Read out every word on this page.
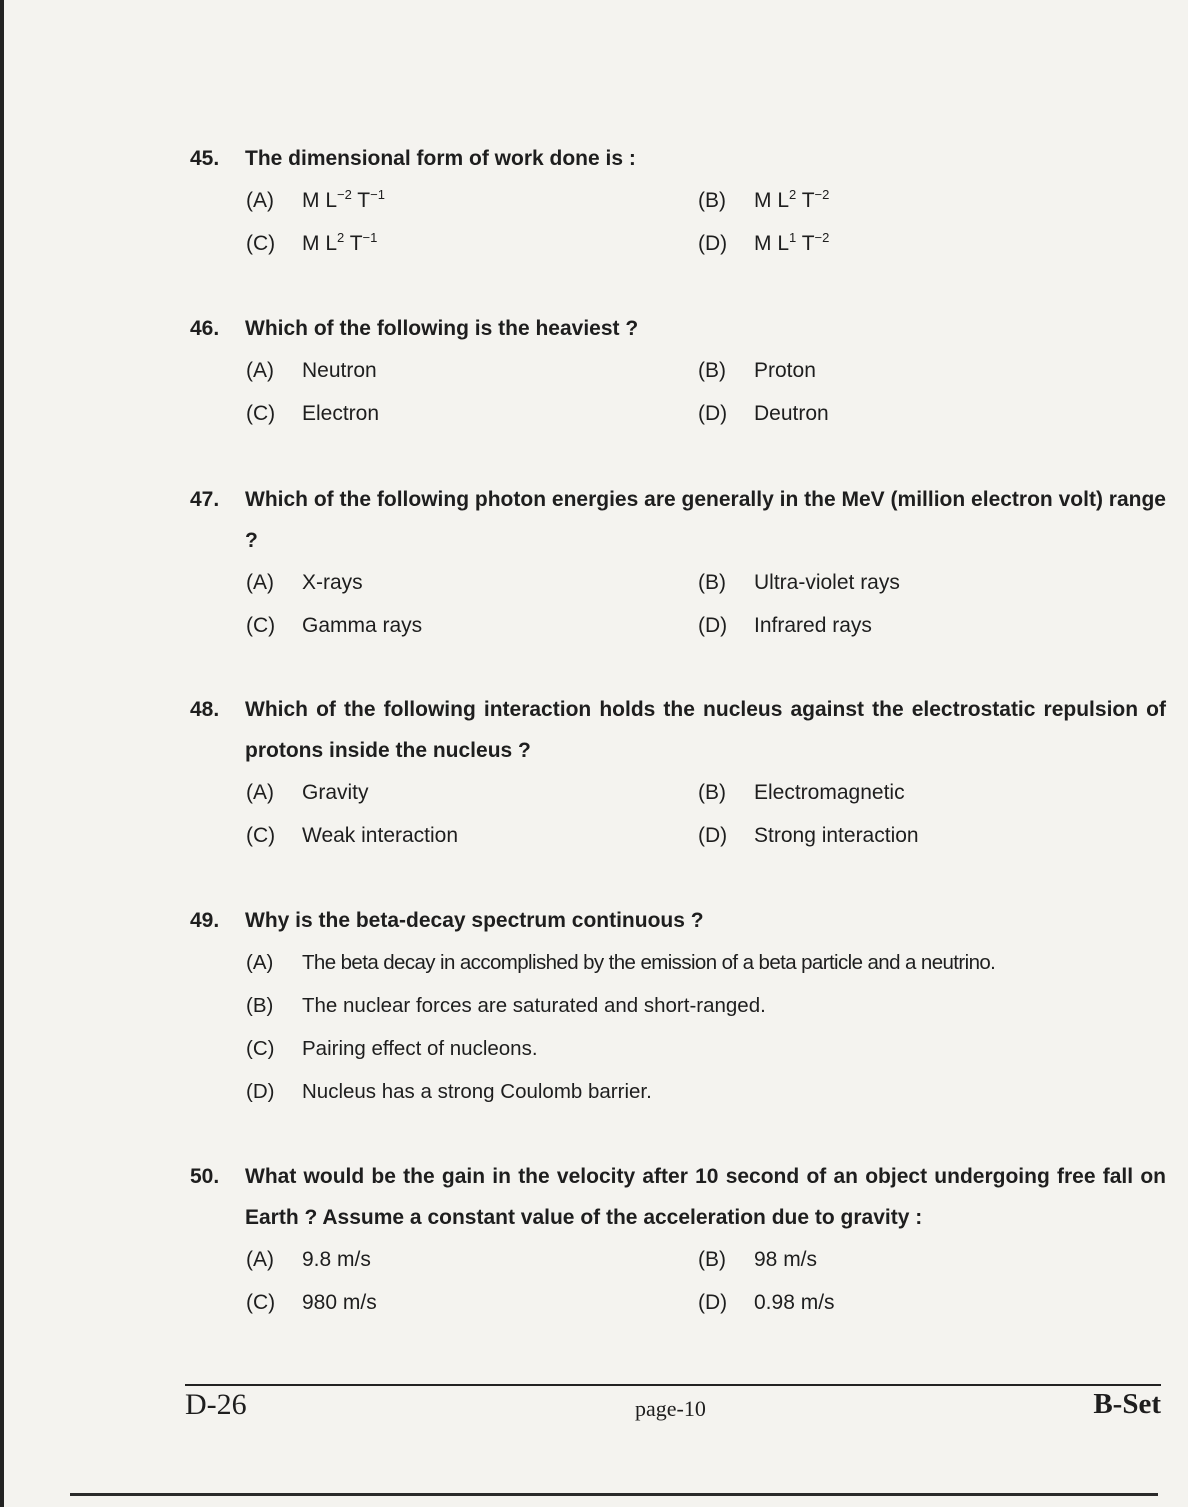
45.	The dimensional form of work done is :
(A)	M $L^{-2}$ $T^{-1}$	(B)	M $L^2$ $T^{-2}$
(C)	M $L^2$ $T^{-1}$	(D)	M $L^1$ $T^{-2}$
46.	Which of the following is the heaviest ?
(A)	Neutron	(B)	Proton
(C)	Electron	(D)	Deutron
47.	Which of the following photon energies are generally in the MeV (million electron volt) range ?
(A)	X-rays	(B)	Ultra-violet rays
(C)	Gamma rays	(D)	Infrared rays
48.	Which of the following interaction holds the nucleus against the electrostatic repulsion of protons inside the nucleus ?
(A)	Gravity	(B)	Electromagnetic
(C)	Weak interaction	(D)	Strong interaction
49.	Why is the beta-decay spectrum continuous ?
(A)	The beta decay in accomplished by the emission of a beta particle and a neutrino.
(B)	The nuclear forces are saturated and short-ranged.
(C)	Pairing effect of nucleons.
(D)	Nucleus has a strong Coulomb barrier.
50.	What would be the gain in the velocity after 10 second of an object undergoing free fall on Earth ? Assume a constant value of the acceleration due to gravity :
(A)	9.8 m/s	(B)	98 m/s
(C)	980 m/s	(D)	0.98 m/s
D-26	page-10	B-Set
